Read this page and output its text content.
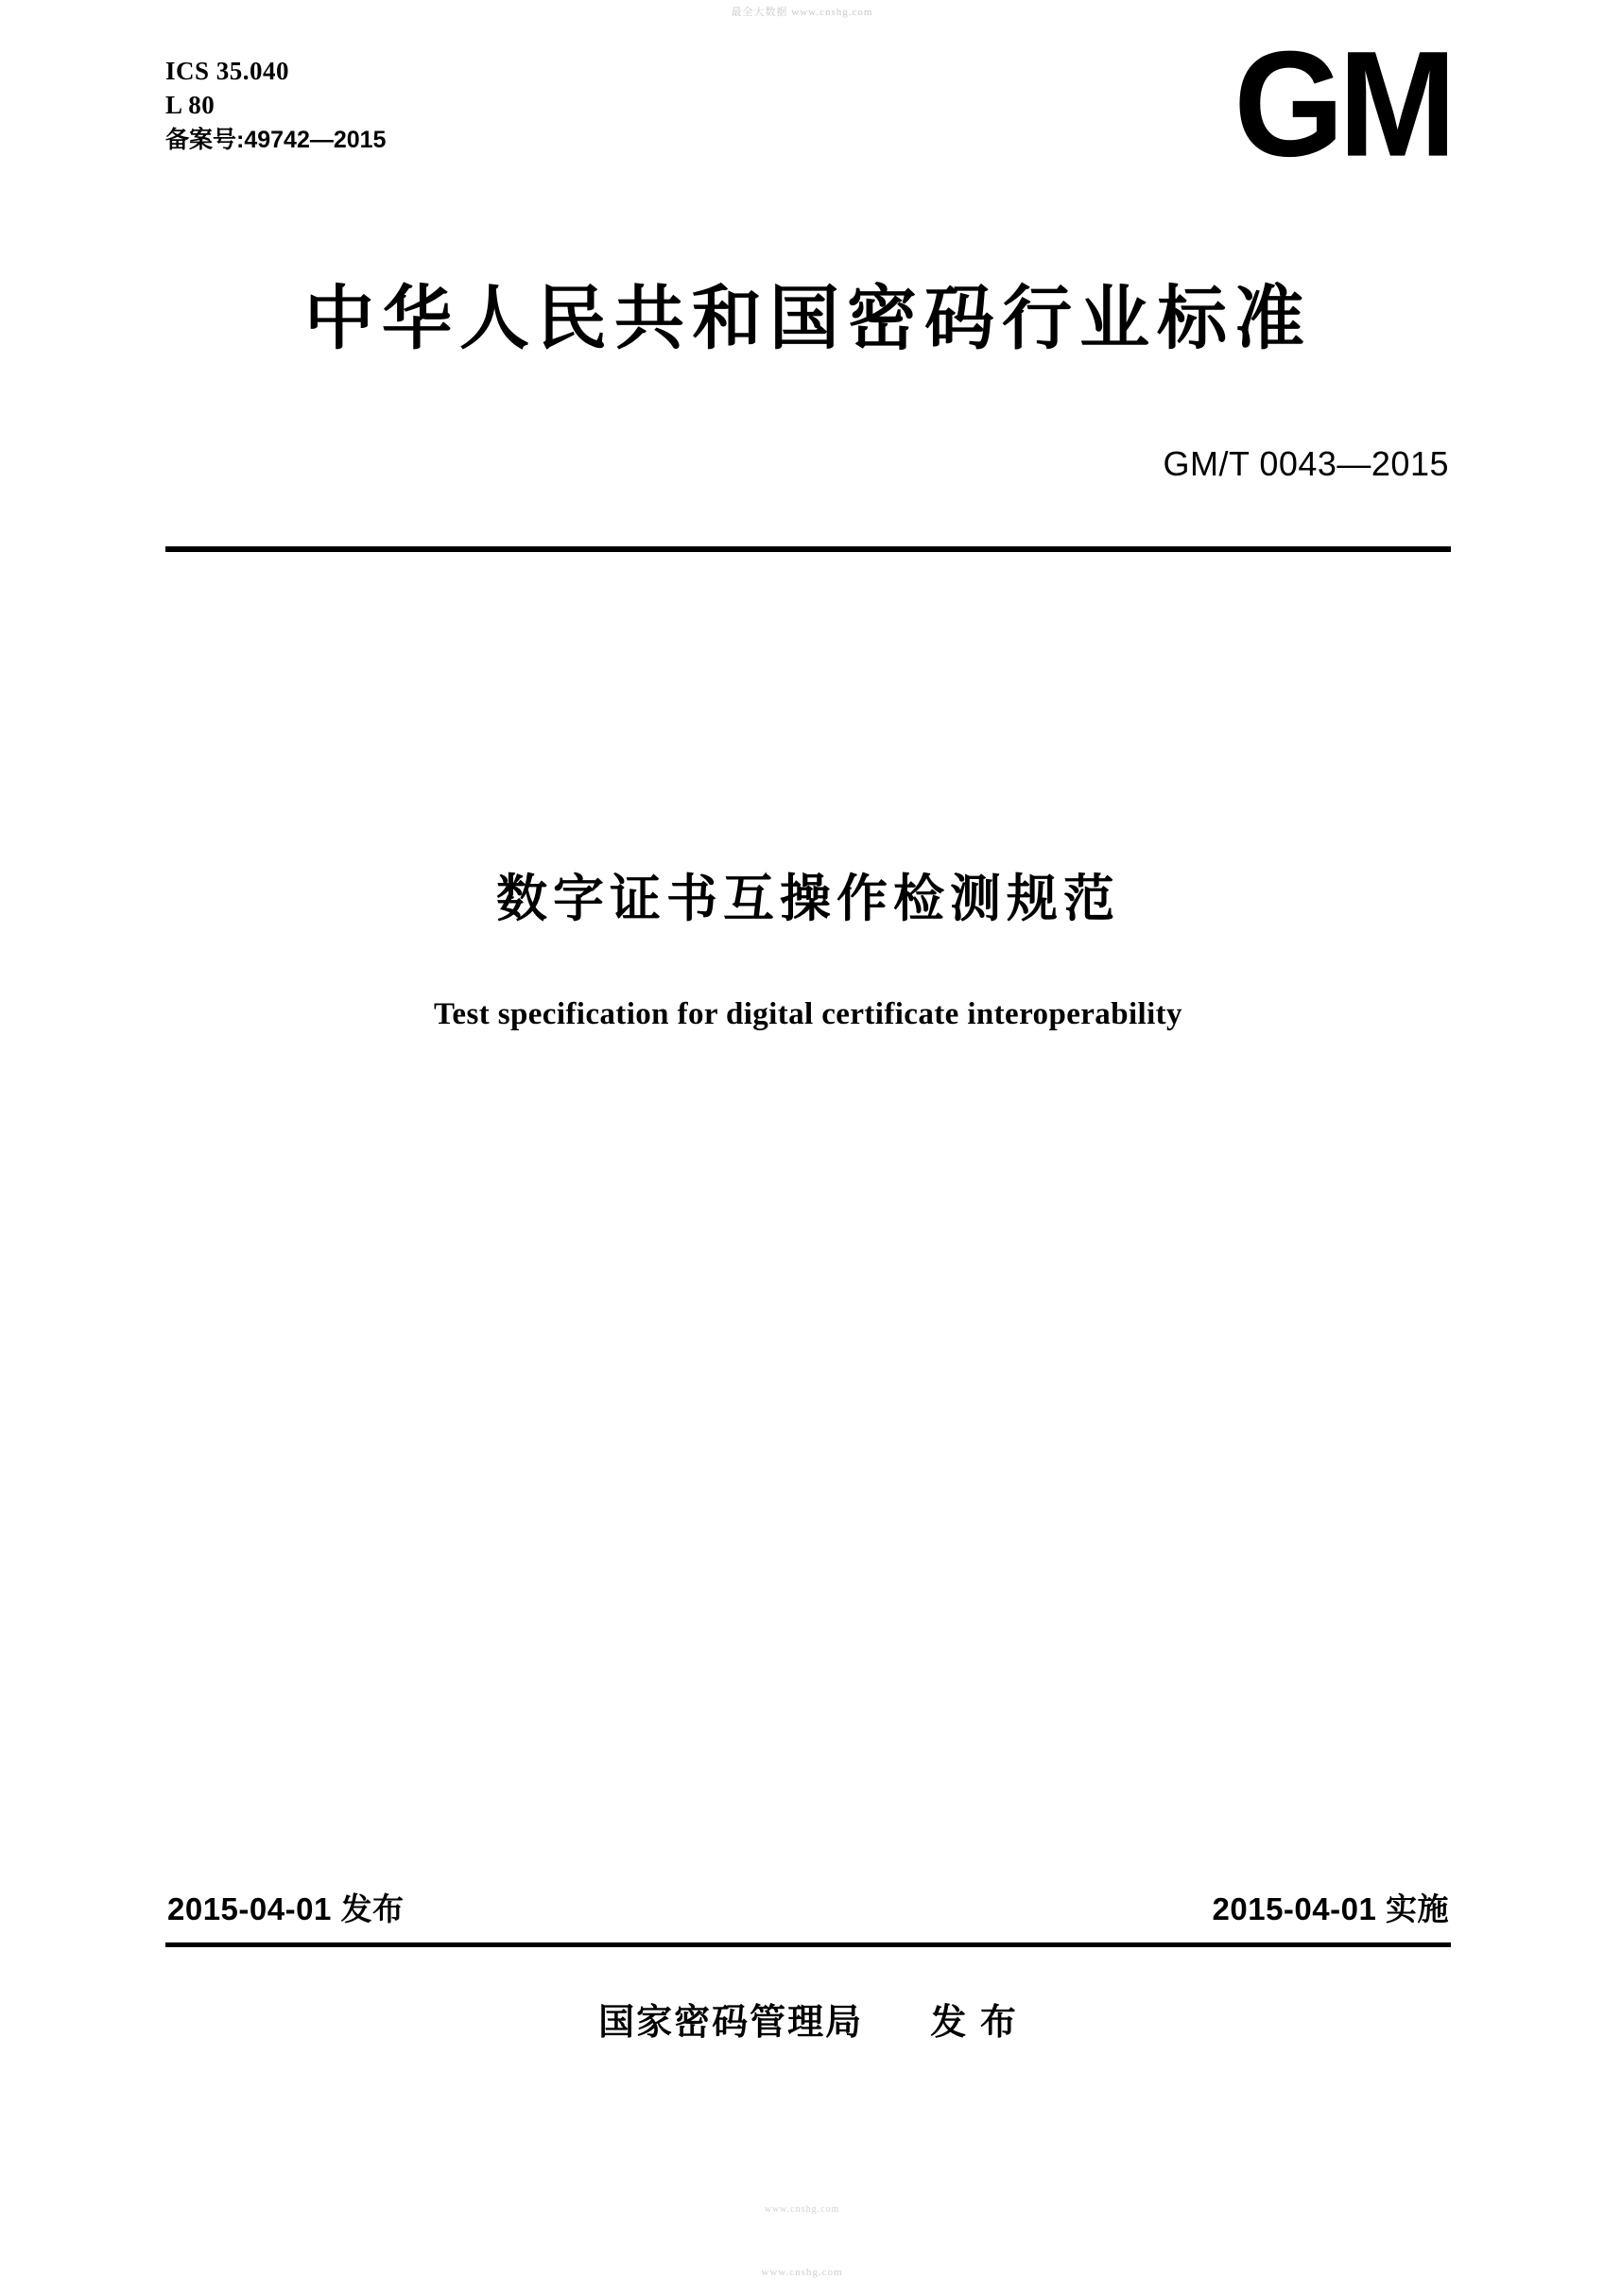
最全大数据 www.cnshg.com
ICS 35.040
L 80
备案号:49742—2015	GM
中华人民共和国密码行业标准
GM/T 0043—2015
数字证书互操作检测规范
Test specification for digital certificate interoperability
2015-04-01 发布	2015-04-01 实施
国家密码管理局 发 布
www.cnshg.com
www.cnshg.com
